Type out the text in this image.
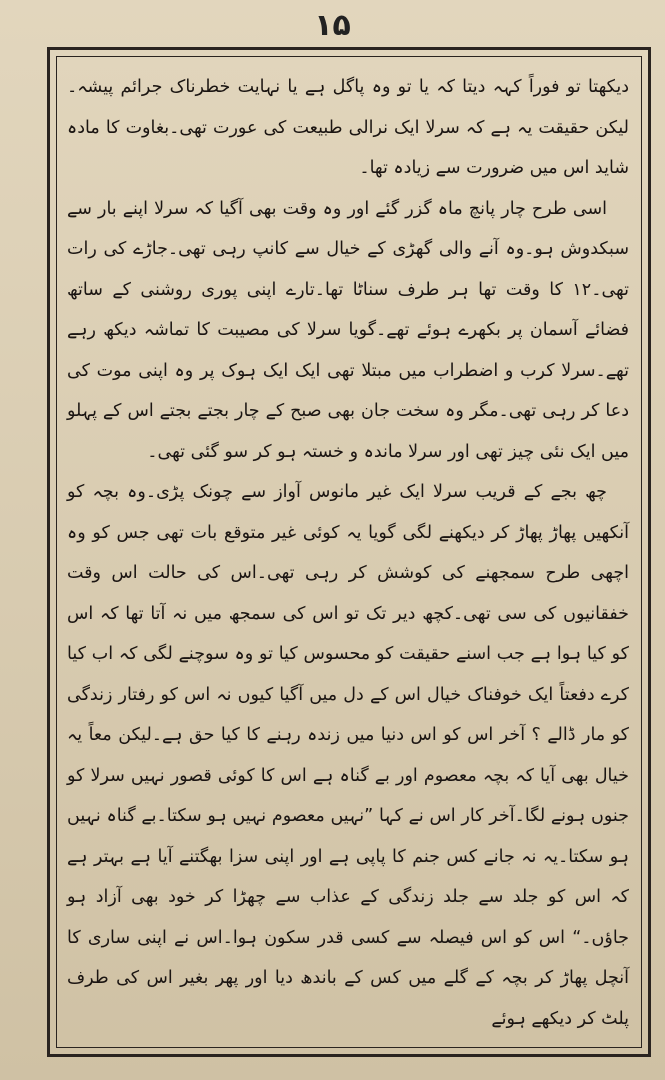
۱۵

دیکھتا تو فوراً کہہ دیتا کہ یا تو وہ پاگل ہے یا نہایت خطرناک جرائم پیشہ۔لیکن حقیقت یہ ہے کہ سرلا ایک نرالی طبیعت کی عورت تھی۔بغاوت کا مادہ شاید اس میں ضرورت سے زیادہ تھا۔

اسی طرح چار پانچ ماہ گزر گئے اور وہ وقت بھی آگیا کہ سرلا اپنے بار سے سبکدوش ہو۔وہ آنے والی گھڑی کے خیال سے کانپ رہی تھی۔جاڑے کی رات تھی۔۱۲ کا وقت تھا ہر طرف سناٹا تھا۔تارے اپنی پوری روشنی کے ساتھ فضائے آسمان پر بکھرے ہوئے تھے۔گویا سرلا کی مصیبت کا تماشہ دیکھ رہے تھے۔سرلا کرب و اضطراب میں مبتلا تھی ایک ایک ہوک پر وہ اپنی موت کی دعا کر رہی تھی۔مگر وہ سخت جان بھی صبح کے چار بجتے بجتے اس کے پہلو میں ایک نئی چیز تھی اور سرلا ماندہ و خستہ ہو کر سو گئی تھی۔

چھ بجے کے قریب سرلا ایک غیر مانوس آواز سے چونک پڑی۔وہ بچہ کو آنکھیں پھاڑ پھاڑ کر دیکھنے لگی گویا یہ کوئی غیر متوقع بات تھی جس کو وہ اچھی طرح سمجھنے کی کوشش کر رہی تھی۔اس کی حالت اس وقت خفقانیوں کی سی تھی۔کچھ دیر تک تو اس کی سمجھ میں نہ آتا تھا کہ اس کو کیا ہوا ہے جب اسنے حقیقت کو محسوس کیا تو وہ سوچنے لگی کہ اب کیا کرے دفعتاً ایک خوفناک خیال اس کے دل میں آگیا کیوں نہ اس کو رفتار زندگی کو مار ڈالے ؟ آخر اس کو اس دنیا میں زندہ رہنے کا کیا حق ہے۔لیکن معاً یہ خیال بھی آیا کہ بچہ معصوم اور بے گناہ ہے اس کا کوئی قصور نہیں سرلا کو جنوں ہونے لگا۔آخر کار اس نے کہا ”نہیں معصوم نہیں ہو سکتا۔بے گناہ نہیں ہو سکتا۔یہ نہ جانے کس جنم کا پاپی ہے اور اپنی سزا بھگتنے آیا ہے بہتر ہے کہ اس کو جلد سے جلد زندگی کے عذاب سے چھڑا کر خود بھی آزاد ہو جاؤں۔“ اس کو اس فیصلہ سے کسی قدر سکون ہوا۔اس نے اپنی ساری کا آنچل پھاڑ کر بچہ کے گلے میں کس کے باندھ دیا اور پھر بغیر اس کی طرف پلٹ کر دیکھے ہوئے
